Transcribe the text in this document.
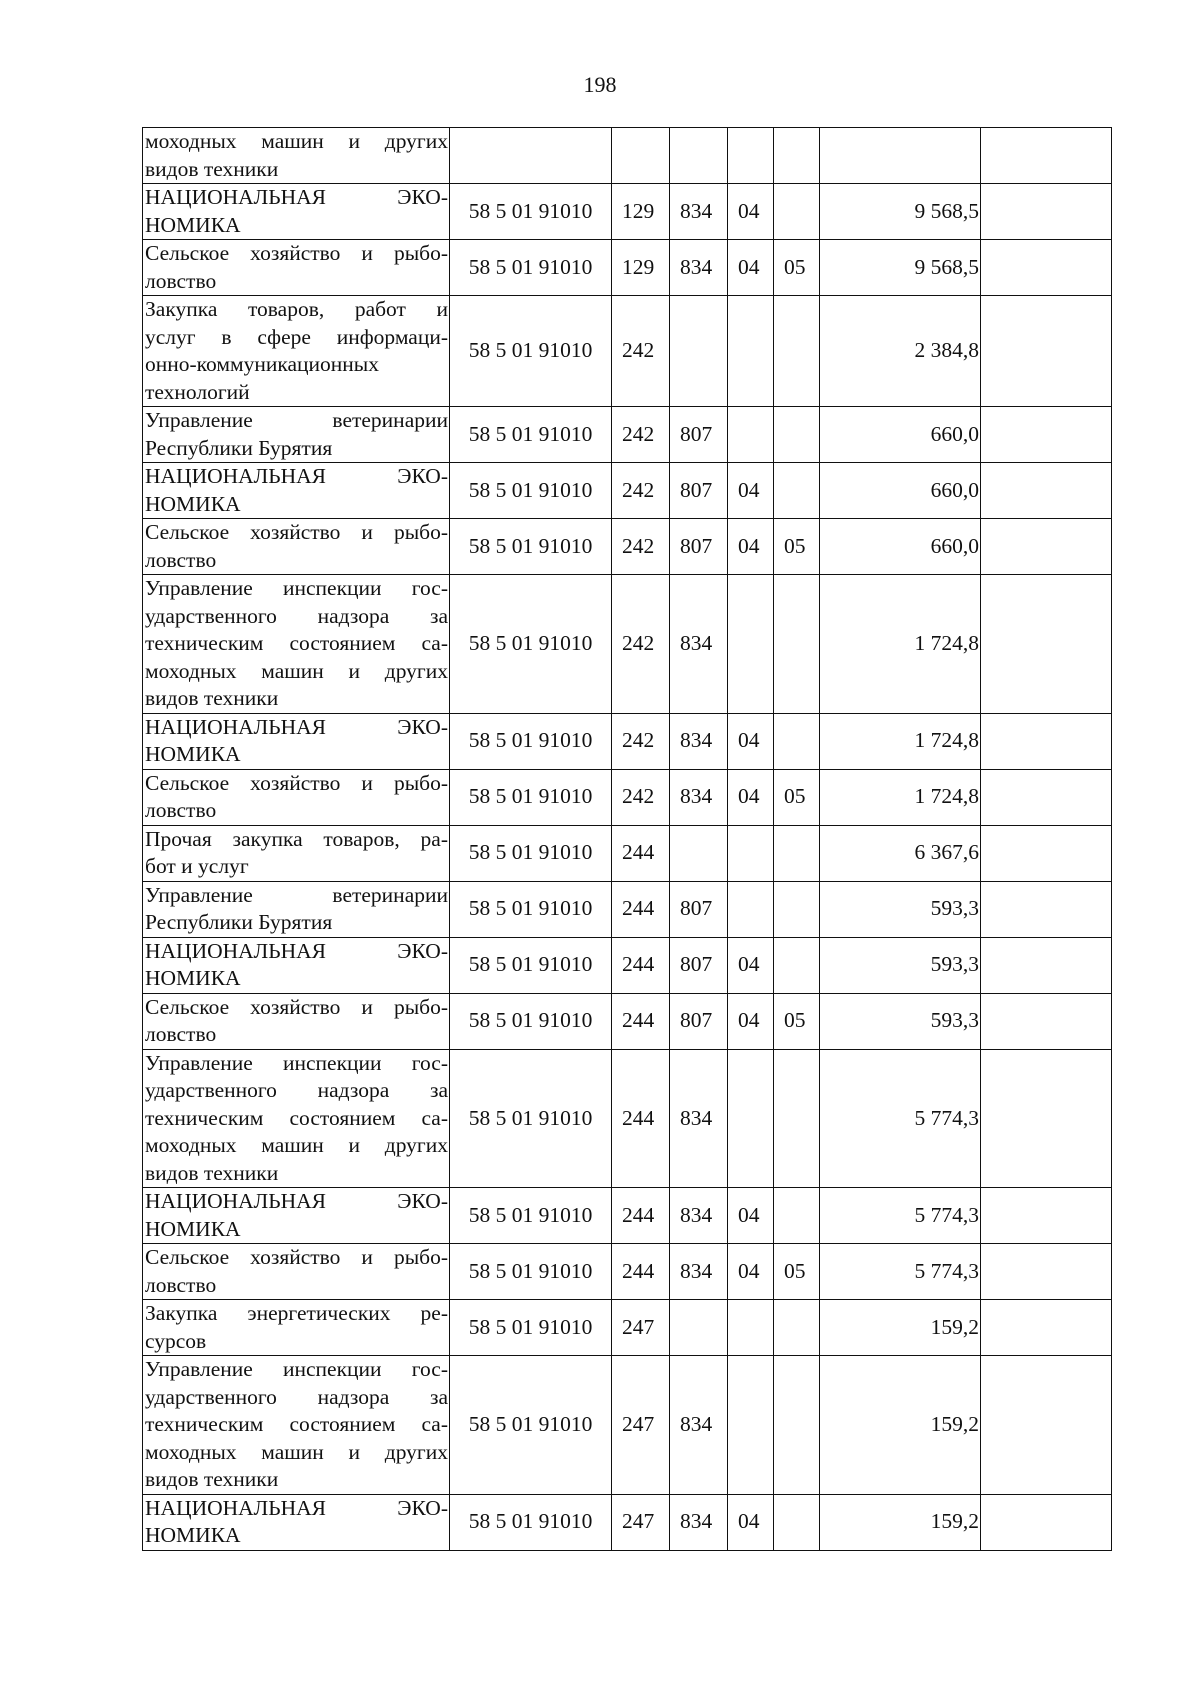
198
моходных машин и других
видов техники							

НАЦИОНАЛЬНАЯ ЭКО-
НОМИКА	58 5 01 91010	129	834	04		9 568,5	

Сельское хозяйство и рыбо-
ловство	58 5 01 91010	129	834	04	05	9 568,5	

Закупка товаров, работ и
услуг в сфере информаци-
онно-коммуникационных
технологий	58 5 01 91010	242				2 384,8	

Управление ветеринарии
Республики Бурятия	58 5 01 91010	242	807			660,0	

НАЦИОНАЛЬНАЯ ЭКО-
НОМИКА	58 5 01 91010	242	807	04		660,0	

Сельское хозяйство и рыбо-
ловство	58 5 01 91010	242	807	04	05	660,0	

Управление инспекции гос-
ударственного надзора за
техническим состоянием са-
моходных машин и других
видов техники	58 5 01 91010	242	834			1 724,8	

НАЦИОНАЛЬНАЯ ЭКО-
НОМИКА	58 5 01 91010	242	834	04		1 724,8	

Сельское хозяйство и рыбо-
ловство	58 5 01 91010	242	834	04	05	1 724,8	

Прочая закупка товаров, ра-
бот и услуг	58 5 01 91010	244				6 367,6	

Управление ветеринарии
Республики Бурятия	58 5 01 91010	244	807			593,3	

НАЦИОНАЛЬНАЯ ЭКО-
НОМИКА	58 5 01 91010	244	807	04		593,3	

Сельское хозяйство и рыбо-
ловство	58 5 01 91010	244	807	04	05	593,3	

Управление инспекции гос-
ударственного надзора за
техническим состоянием са-
моходных машин и других
видов техники	58 5 01 91010	244	834			5 774,3	

НАЦИОНАЛЬНАЯ ЭКО-
НОМИКА	58 5 01 91010	244	834	04		5 774,3	

Сельское хозяйство и рыбо-
ловство	58 5 01 91010	244	834	04	05	5 774,3	

Закупка энергетических ре-
сурсов	58 5 01 91010	247				159,2	

Управление инспекции гос-
ударственного надзора за
техническим состоянием са-
моходных машин и других
видов техники	58 5 01 91010	247	834			159,2	

НАЦИОНАЛЬНАЯ ЭКО-
НОМИКА	58 5 01 91010	247	834	04		159,2	
